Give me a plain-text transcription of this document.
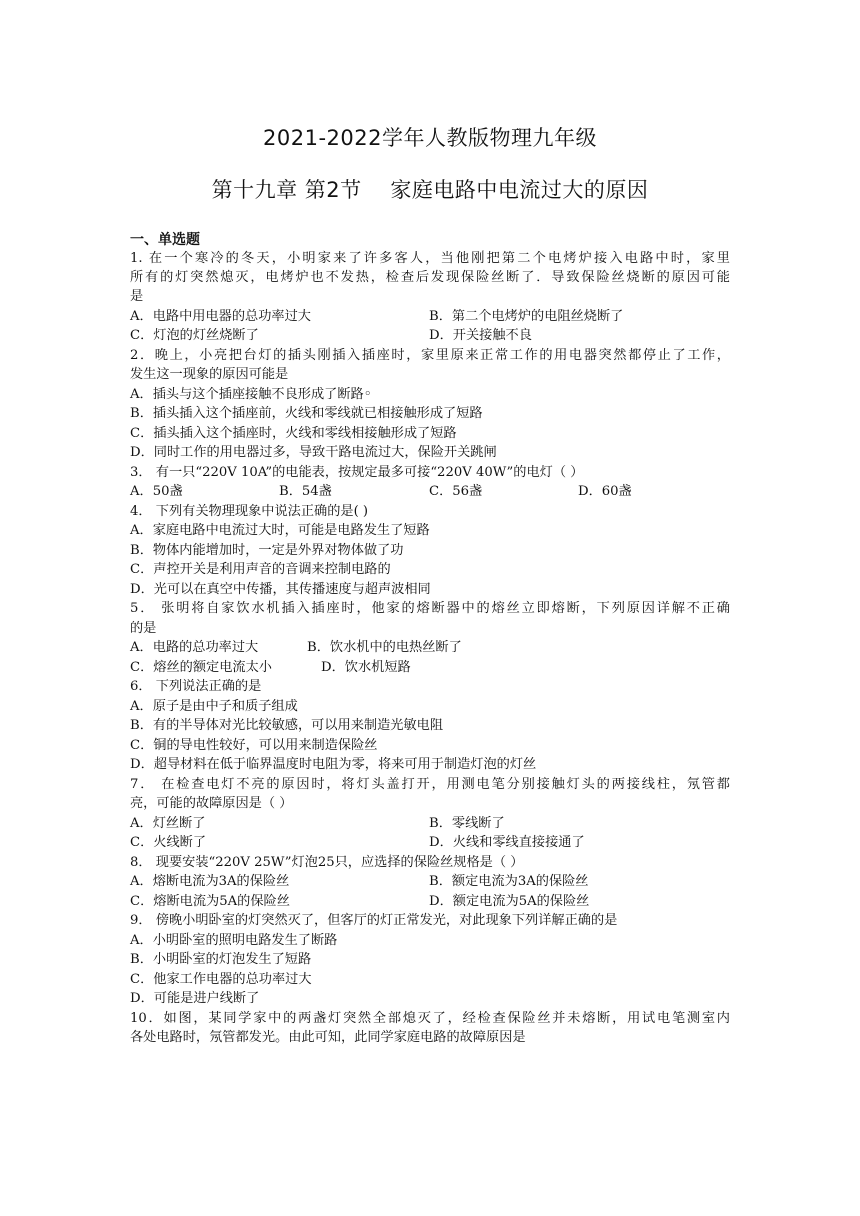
2021-2022学年人教版物理九年级
第十九章 第2节    家庭电路中电流过大的原因
一、单选题
1. 在一个寒冷的冬天，小明家来了许多客人，当他刚把第二个电烤炉接入电路中时，家里
所有的灯突然熄灭，电烤炉也不发热，检查后发现保险丝断了．导致保险丝烧断的原因可能
是
A．电路中用电器的总功率过大	B．第二个电烤炉的电阻丝烧断了
C．灯泡的灯丝烧断了	D．开关接触不良
2．晚上，小亮把台灯的插头刚插入插座时，家里原来正常工作的用电器突然都停止了工作，
发生这一现象的原因可能是
A．插头与这个插座接触不良形成了断路◦
B．插头插入这个插座前，火线和零线就已相接触形成了短路
C．插头插入这个插座时，火线和零线相接触形成了短路
D．同时工作的用电器过多，导致干路电流过大，保险开关跳闸
3． 有一只“220V 10A”的电能表，按规定最多可接“220V 40W”的电灯（ ）
A．50盏	B．54盏	C．56盏	D．60盏
4． 下列有关物理现象中说法正确的是( )
A．家庭电路中电流过大时，可能是电路发生了短路
B．物体内能增加时，一定是外界对物体做了功
C．声控开关是利用声音的音调来控制电路的
D．光可以在真空中传播，其传播速度与超声波相同
5． 张明将自家饮水机插入插座时，他家的熔断器中的熔丝立即熔断，下列原因详解不正确
的是
A．电路的总功率过大	B．饮水机中的电热丝断了
C．熔丝的额定电流太小	D．饮水机短路
6． 下列说法正确的是
A．原子是由中子和质子组成
B．有的半导体对光比较敏感，可以用来制造光敏电阻
C．铜的导电性较好，可以用来制造保险丝
D．超导材料在低于临界温度时电阻为零，将来可用于制造灯泡的灯丝
7． 在检查电灯不亮的原因时，将灯头盖打开，用测电笔分别接触灯头的两接线柱，氖管都
亮，可能的故障原因是（ ）
A．灯丝断了	B．零线断了
C．火线断了	D．火线和零线直接接通了
8． 现要安装“220V 25W”灯泡25只，应选择的保险丝规格是（ ）
A．熔断电流为3A的保险丝	B．额定电流为3A的保险丝
C．熔断电流为5A的保险丝	D．额定电流为5A的保险丝
9． 傍晚小明卧室的灯突然灭了，但客厅的灯正常发光，对此现象下列详解正确的是
A．小明卧室的照明电路发生了断路
B．小明卧室的灯泡发生了短路
C．他家工作电器的总功率过大
D．可能是进户线断了
10．如图，某同学家中的两盏灯突然全部熄灭了，经检查保险丝并未熔断，用试电笔测室内
各处电路时，氖管都发光。由此可知，此同学家庭电路的故障原因是
